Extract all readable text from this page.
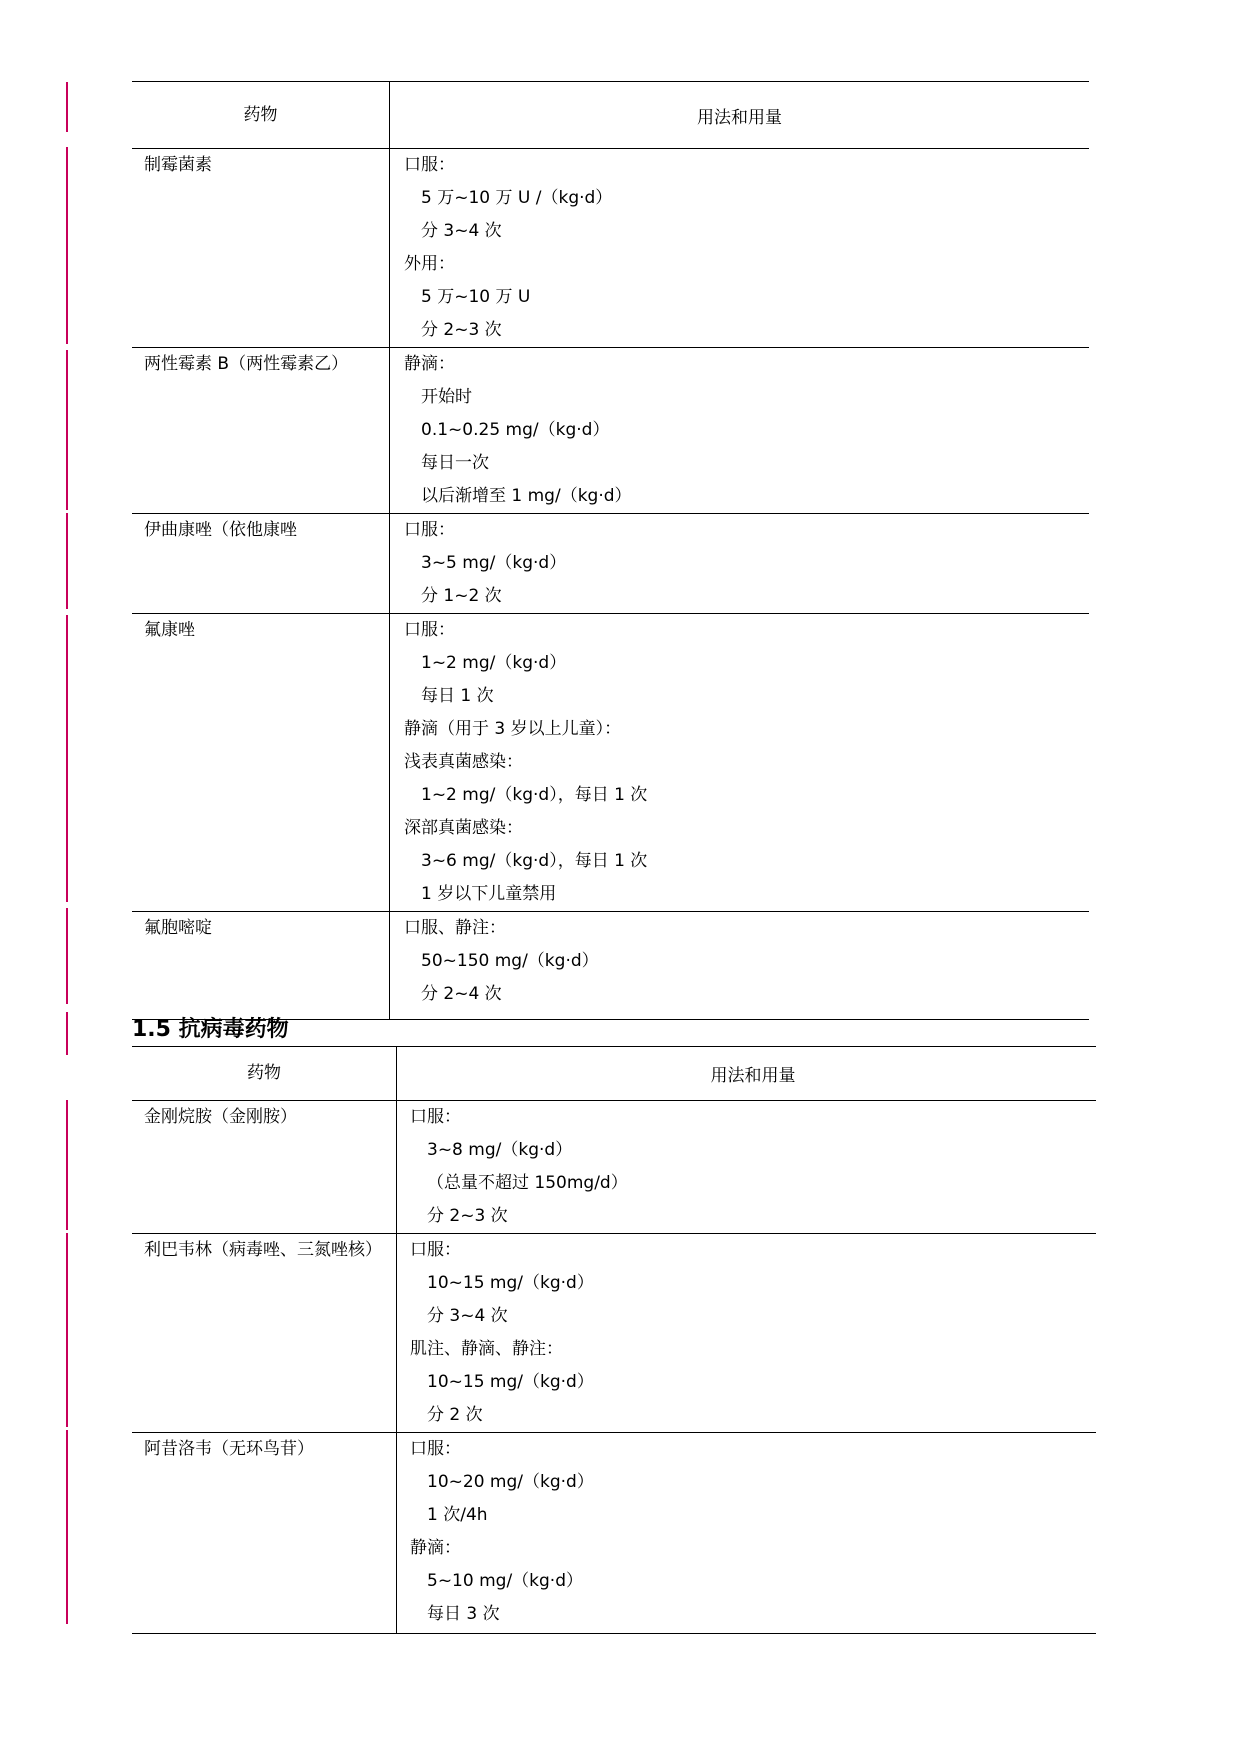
药物	用法和用量
制霉菌素	口服：
5 万~10 万 U /（kg·d）
分 3~4 次
外用：
5 万~10 万 U
分 2~3 次
两性霉素 B（两性霉素乙）	静滴：
开始时
0.1~0.25 mg/（kg·d）
每日一次
以后渐增至 1 mg/（kg·d）
伊曲康唑（依他康唑	口服：
3~5 mg/（kg·d）
分 1~2 次
氟康唑	口服：
1~2 mg/（kg·d）
每日 1 次
静滴（用于 3 岁以上儿童）：
浅表真菌感染：
1~2 mg/（kg·d），每日 1 次
深部真菌感染：
3~6 mg/（kg·d），每日 1 次
1 岁以下儿童禁用
氟胞嘧啶	口服、静注：
50~150 mg/（kg·d）
分 2~4 次
1.5 抗病毒药物
药物	用法和用量
金刚烷胺（金刚胺）	口服：
3~8 mg/（kg·d）
（总量不超过 150mg/d）
分 2~3 次
利巴韦林（病毒唑、三氮唑核）	口服：
10~15 mg/（kg·d）
分 3~4 次
肌注、静滴、静注：
10~15 mg/（kg·d）
分 2 次
阿昔洛韦（无环鸟苷）	口服：
10~20 mg/（kg·d）
1 次/4h
静滴：
5~10 mg/（kg·d）
每日 3 次
